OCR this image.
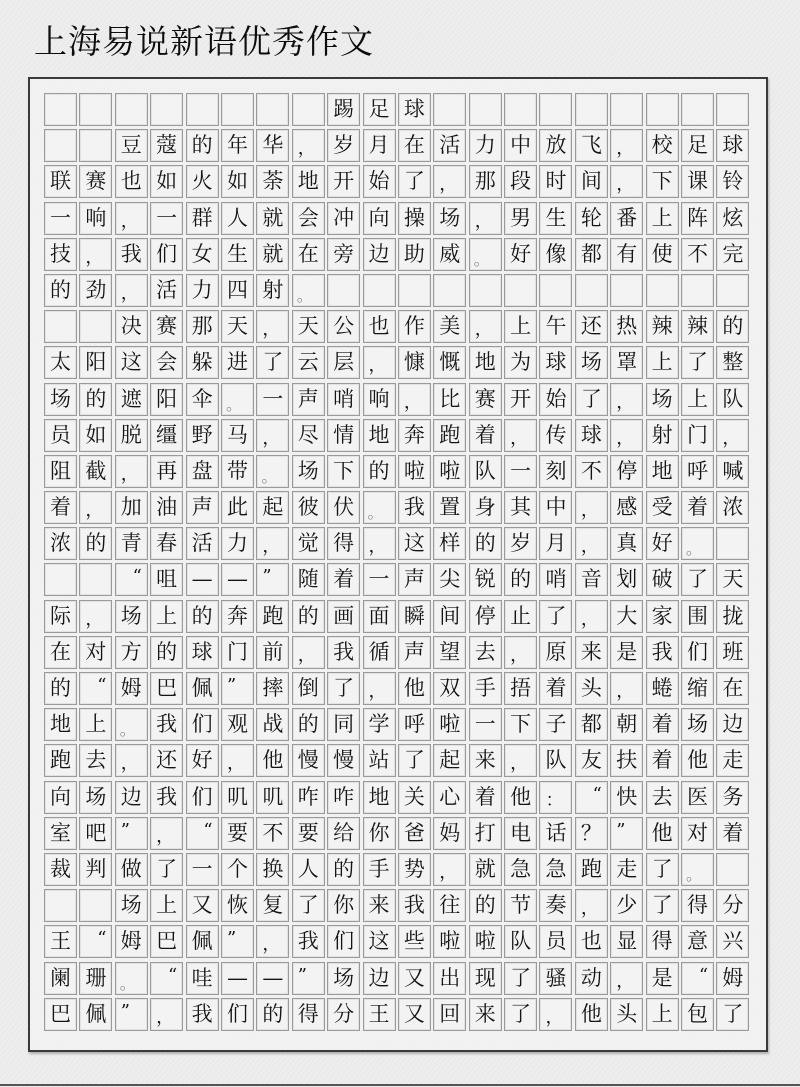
上海易说新语优秀作文
踢 足 球
豆 蔻 的 年 华 ， 岁 月 在 活 力 中 放 飞 ， 校 足 球
联 赛 也 如 火 如 荼 地 开 始 了 ， 那 段 时 间 ， 下 课 铃
一 响 ， 一 群 人 就 会 冲 向 操 场 ， 男 生 轮 番 上 阵 炫
技 ， 我 们 女 生 就 在 旁 边 助 威 。 好 像 都 有 使 不 完
的 劲 ， 活 力 四 射 。
决 赛 那 天 ， 天 公 也 作 美 ， 上 午 还 热 辣 辣 的
太 阳 这 会 躲 进 了 云 层 ， 慷 慨 地 为 球 场 罩 上 了 整
场 的 遮 阳 伞 。 一 声 哨 响 ， 比 赛 开 始 了 ， 场 上 队
员 如 脱 缰 野 马 ， 尽 情 地 奔 跑 着 ， 传 球 ， 射 门 ，
阻 截 ， 再 盘 带 。 场 下 的 啦 啦 队 一 刻 不 停 地 呼 喊
着 ， 加 油 声 此 起 彼 伏 。 我 置 身 其 中 ， 感 受 着 浓
浓 的 青 春 活 力 ， 觉 得 ， 这 样 的 岁 月 ， 真 好 。
“ 咀 — — ”	随 着 一 声 尖 锐 的 哨 音 划 破 了 天
际 ， 场 上 的 奔 跑 的 画 面 瞬 间 停 止 了 ， 大 家 围 拢
在 对 方 的 球 门 前 ， 我 循 声 望 去 ， 原 来 是 我 们 班
的	“ 姆 巴 佩 ”	摔 倒 了 ， 他 双 手 捂 着 头 ， 蜷 缩 在
地 上 。 我 们 观 战 的 同 学 呼 啦 一 下 子 都 朝 着 场 边
跑 去 ， 还 好 ， 他 慢 慢 站 了 起 来 ， 队 友 扶 着 他 走
向 场 边 我 们 叽 叽 咋 咋 地 关 心 着 他 ：	“ 快 去 医 务
室 吧 ”	，	“ 要 不 要 给 你 爸 妈 打 电 话 ？ ”	他 对 着
裁 判 做 了 一 个 换 人 的 手 势 ， 就 急 急 跑 走 了 。
场 上 又 恢 复 了 你 来 我 往 的 节 奏 ， 少 了 得 分
王	“ 姆 巴 佩 ”	， 我 们 这 些 啦 啦 队 员 也 显 得 意 兴
阑 珊 。	“ 哇 — — ”	场 边 又 出 现 了 骚 动 ， 是	“ 姆
巴 佩 ”	， 我 们 的 得 分 王 又 回 来 了 ， 他 头 上 包 了
